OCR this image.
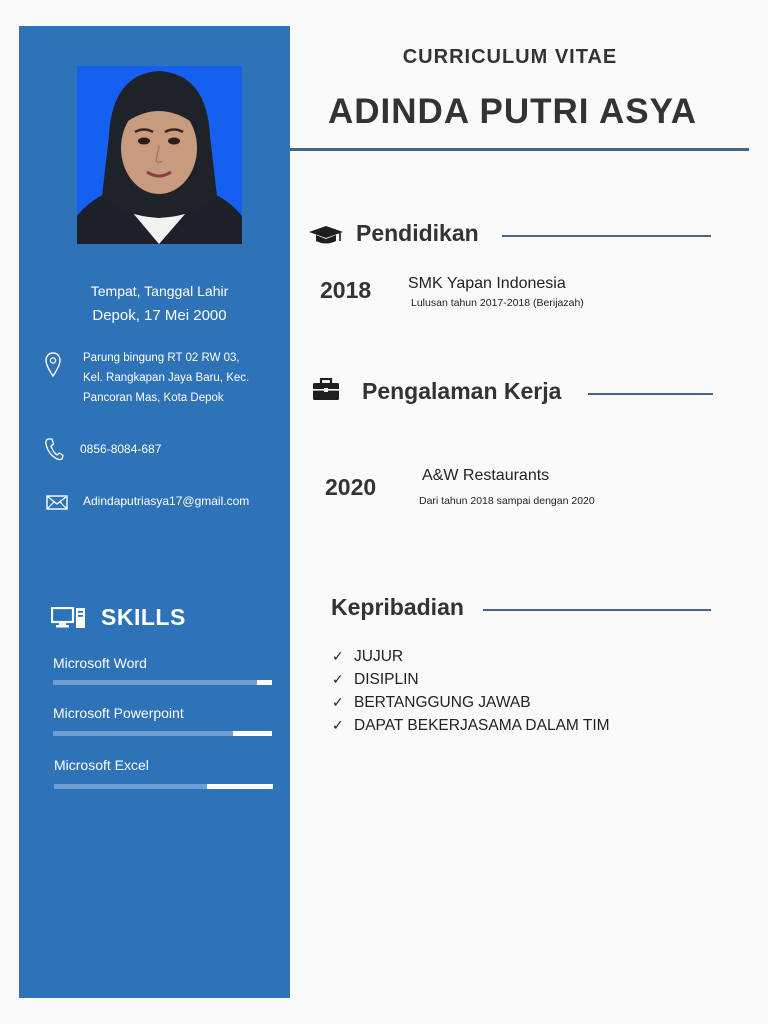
Tempat, Tanggal Lahir
Depok, 17 Mei 2000
Parung bingung RT 02 RW 03,
Kel. Rangkapan Jaya Baru, Kec.
Pancoran Mas, Kota Depok
0856-8084-687
Adindaputriasya17@gmail.com
SKILLS
Microsoft Word
Microsoft Powerpoint
Microsoft Excel
CURRICULUM VITAE
ADINDA PUTRI ASYA
Pendidikan
2018 SMK Yapan Indonesia
Lulusan tahun 2017-2018 (Berijazah)
Pengalaman Kerja
2020	A&W Restaurants
Dari tahun 2018 sampai dengan 2020
Kepribadian
✓ JUJUR
✓ DISIPLIN
✓ BERTANGGUNG JAWAB
✓ DAPAT BEKERJASAMA DALAM TIM
